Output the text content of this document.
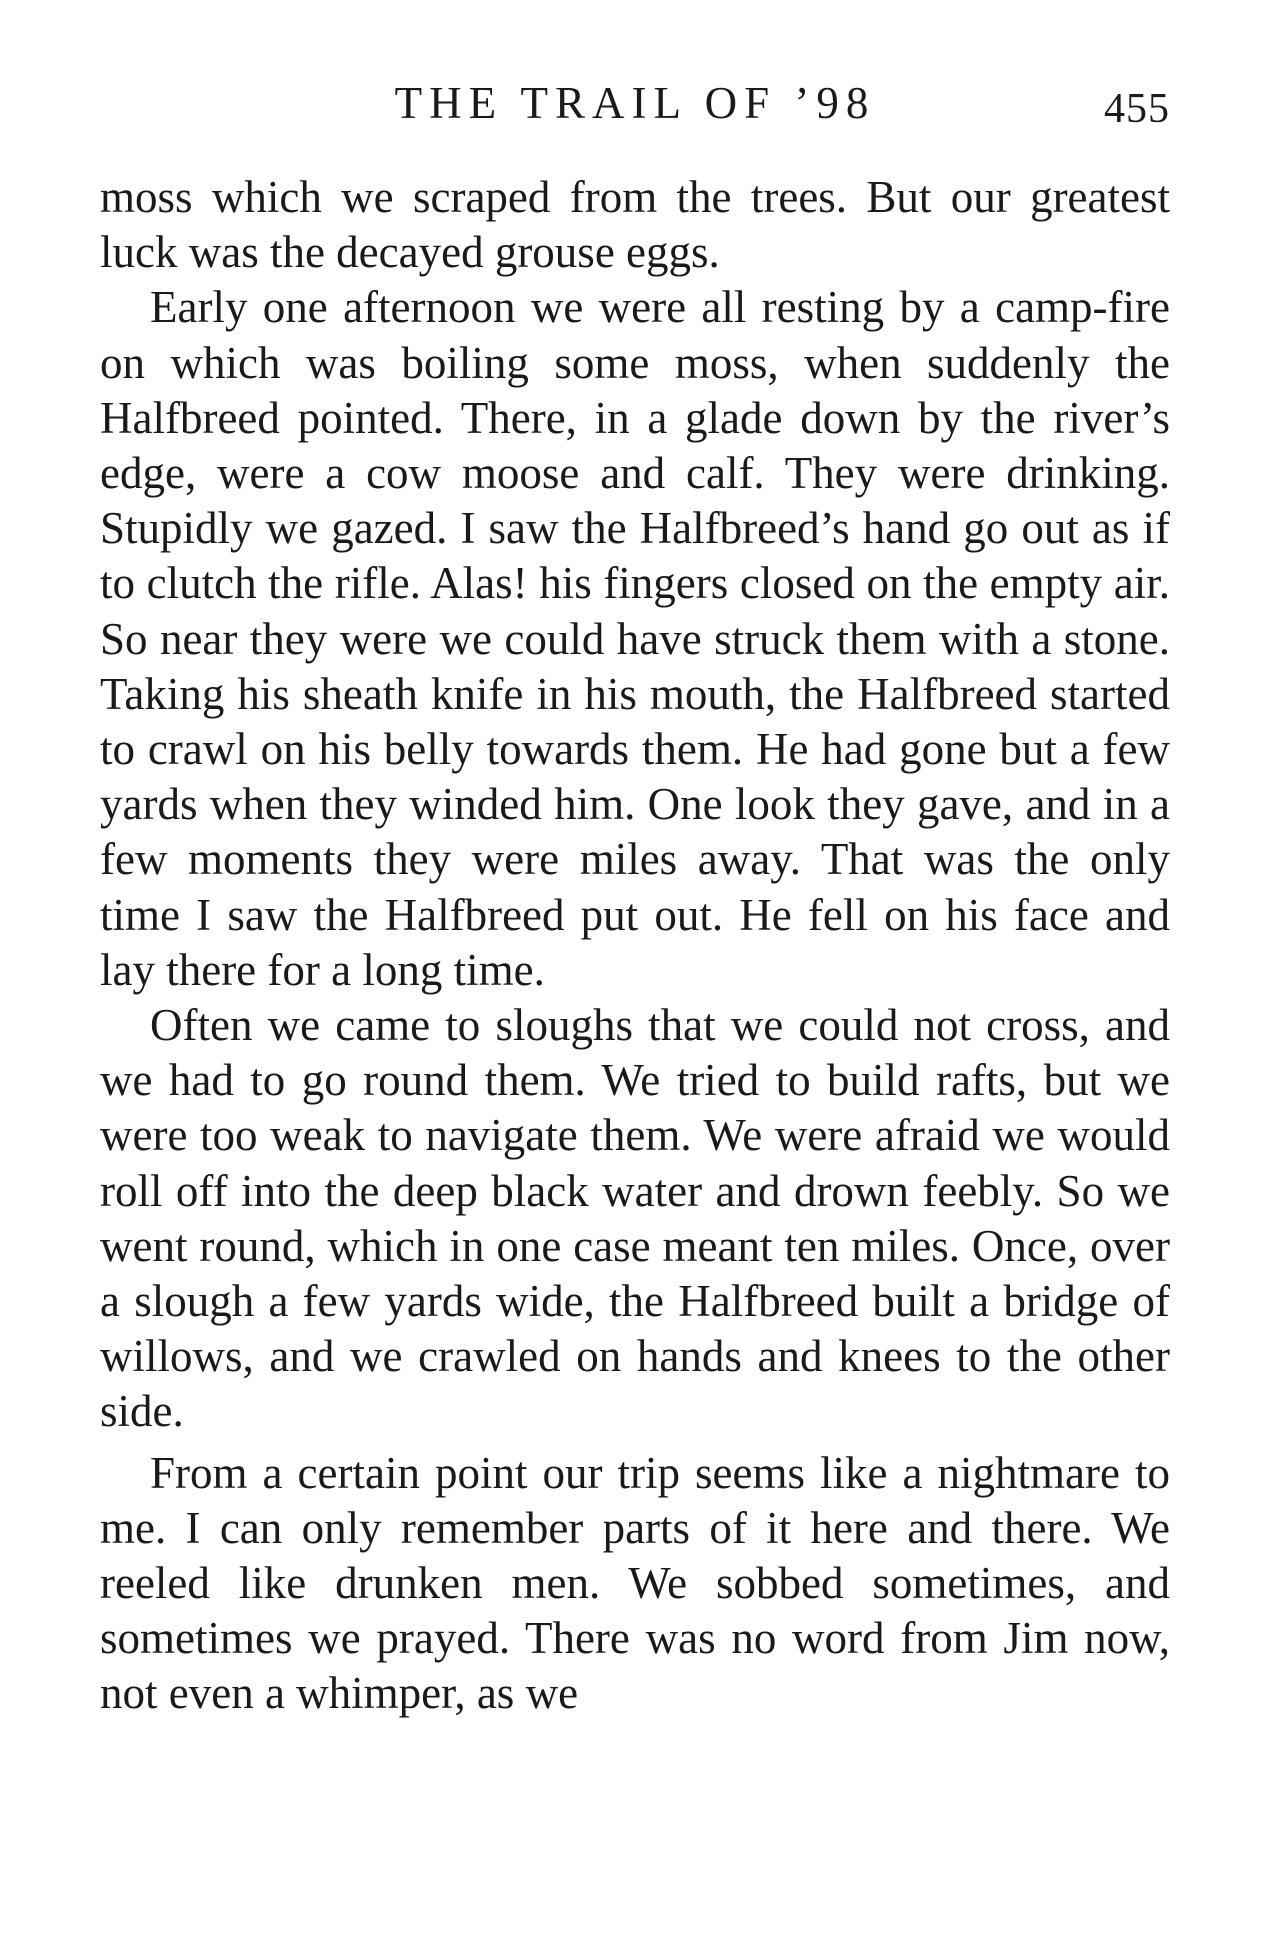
THE TRAIL OF ’98	455

moss which we scraped from the trees. But our greatest luck was the decayed grouse eggs.

Early one afternoon we were all resting by a camp-fire on which was boiling some moss, when suddenly the Halfbreed pointed. There, in a glade down by the river’s edge, were a cow moose and calf. They were drinking. Stupidly we gazed. I saw the Halfbreed’s hand go out as if to clutch the rifle. Alas! his fingers closed on the empty air. So near they were we could have struck them with a stone. Taking his sheath knife in his mouth, the Halfbreed started to crawl on his belly towards them. He had gone but a few yards when they winded him. One look they gave, and in a few moments they were miles away. That was the only time I saw the Halfbreed put out. He fell on his face and lay there for a long time.

Often we came to sloughs that we could not cross, and we had to go round them. We tried to build rafts, but we were too weak to navigate them. We were afraid we would roll off into the deep black water and drown feebly. So we went round, which in one case meant ten miles. Once, over a slough a few yards wide, the Halfbreed built a bridge of willows, and we crawled on hands and knees to the other side.

From a certain point our trip seems like a nightmare to me. I can only remember parts of it here and there. We reeled like drunken men. We sobbed sometimes, and sometimes we prayed. There was no word from Jim now, not even a whimper, as we
